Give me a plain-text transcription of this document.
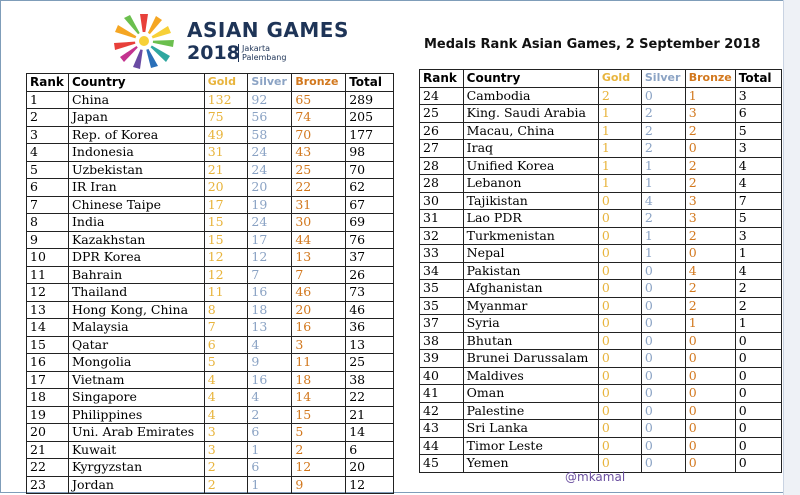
ASIAN GAMES
2018 Jakarta
Palembang
Medals Rank Asian Games, 2 September 2018
Rank	Country	Gold	Silver	Bronze	Total
1	China	132	92	65	289
2	Japan	75	56	74	205
3	Rep. of Korea	49	58	70	177
4	Indonesia	31	24	43	98
5	Uzbekistan	21	24	25	70
6	IR Iran	20	20	22	62
7	Chinese Taipe	17	19	31	67
8	India	15	24	30	69
9	Kazakhstan	15	17	44	76
10	DPR Korea	12	12	13	37
11	Bahrain	12	7	7	26
12	Thailand	11	16	46	73
13	Hong Kong, China	8	18	20	46
14	Malaysia	7	13	16	36
15	Qatar	6	4	3	13
16	Mongolia	5	9	11	25
17	Vietnam	4	16	18	38
18	Singapore	4	4	14	22
19	Philippines	4	2	15	21
20	Uni. Arab Emirates	3	6	5	14
21	Kuwait	3	1	2	6
22	Kyrgyzstan	2	6	12	20
23	Jordan	2	1	9	12
Rank	Country	Gold	Silver	Bronze	Total
24	Cambodia	2	0	1	3
25	King. Saudi Arabia	1	2	3	6
26	Macau, China	1	2	2	5
27	Iraq	1	2	0	3
28	Unified Korea	1	1	2	4
28	Lebanon	1	1	2	4
30	Tajikistan	0	4	3	7
31	Lao PDR	0	2	3	5
32	Turkmenistan	0	1	2	3
33	Nepal	0	1	0	1
34	Pakistan	0	0	4	4
35	Afghanistan	0	0	2	2
35	Myanmar	0	0	2	2
37	Syria	0	0	1	1
38	Bhutan	0	0	0	0
39	Brunei Darussalam	0	0	0	0
40	Maldives	0	0	0	0
41	Oman	0	0	0	0
42	Palestine	0	0	0	0
43	Sri Lanka	0	0	0	0
44	Timor Leste	0	0	0	0
45	Yemen	0	0	0	0
@mkamal
